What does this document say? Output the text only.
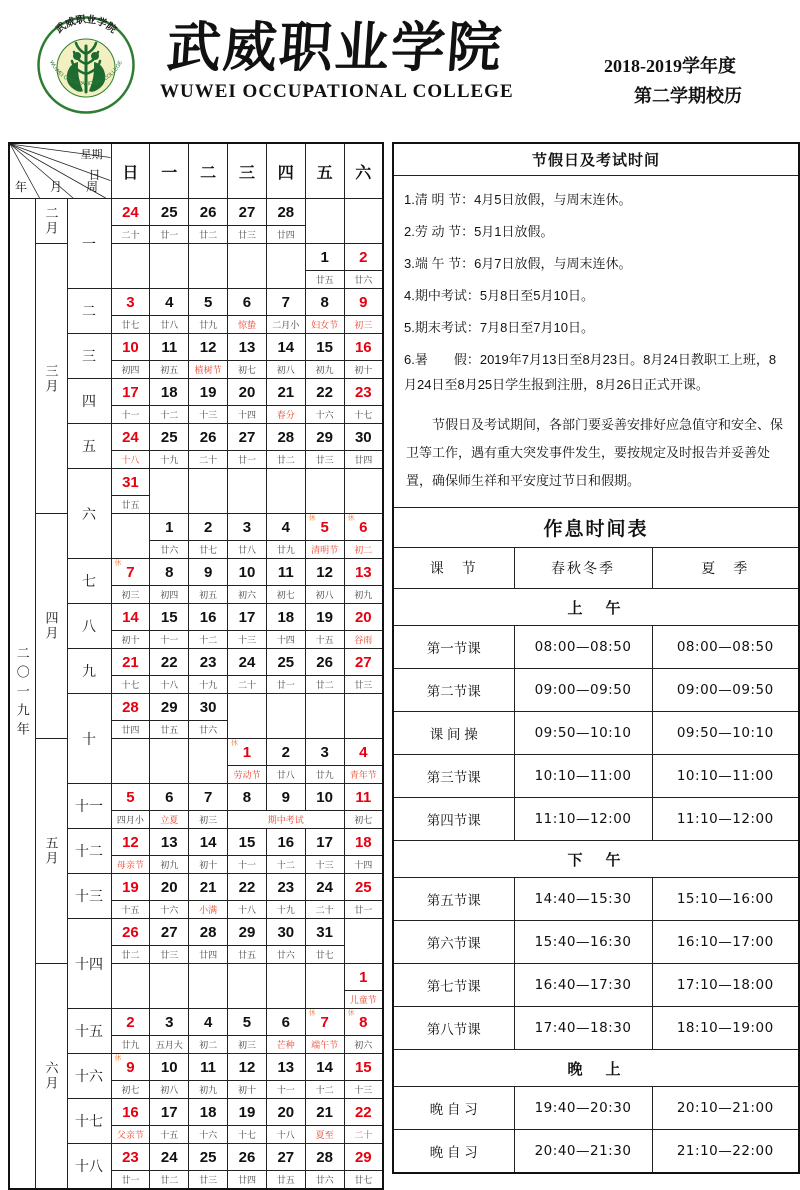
武威职业学院
WUWEI OCCUPATIONAL COLLEGE 武威职业学院
WUWEI OCCUPATIONAL COLLEGE
2018-2019学年度
第二学期校历
星期
日
年 月 周			日	一	二	三	四	五	六

二〇一九年	二月	一	24	25	26	27	28		
			二十	廿一	廿二	廿三	廿四		

	三月							1	2
								廿五	廿六
		二	3	4	5	6	7	8	9
			廿七	廿八	廿九	惊蛰	二月小	妇女节	初三
		三	10	11	12	13	14	15	16
			初四	初五	植树节	初七	初八	初九	初十
		四	17	18	19	20	21	22	23
			十一	十二	十三	十四	春分	十六	十七
		五	24	25	26	27	28	29	30
			十八	十九	二十	廿一	廿二	廿三	廿四
		六	31						
			廿五						

	四月			1	2	3	4	休 5	休 6
				廿六	廿七	廿八	廿九	清明节	初二
		七	休 7	8	9	10	11	12	13
			初三	初四	初五	初六	初七	初八	初九
		八	14	15	16	17	18	19	20
			初十	十一	十二	十三	十四	十五	谷雨
		九	21	22	23	24	25	26	27
			十七	十八	十九	二十	廿一	廿二	廿三
		十	28	29	30				
			廿四	廿五	廿六				

	五月					休 1	2	3	4
						劳动节	廿八	廿九	青年节
		十一	5	6	7	8	9	10	11
			四月小	立夏	初三	期中考试			初七
		十二	12	13	14	15	16	17	18
			母亲节	初九	初十	十一	十二	十三	十四
		十三	19	20	21	22	23	24	25
			十五	十六	小满	十八	十九	二十	廿一
		十四	26	27	28	29	30	31	
			廿二	廿三	廿四	廿五	廿六	廿七	

	六月								1
									儿童节
		十五	2	3	4	5	6	休 7	休 8
			廿九	五月大	初二	初三	芒种	端午节	初六
		十六	休 9	10	11	12	13	14	15
			初七	初八	初九	初十	十一	十二	十三
		十七	16	17	18	19	20	21	22
			父亲节	十五	十六	十七	十八	夏至	二十
		十八	23	24	25	26	27	28	29
			廿一	廿二	廿三	廿四	廿五	廿六	廿七
节假日及考试时间

1.清 明 节：4月5日放假，与周末连休。

2.劳 动 节：5月1日放假。

3.端 午 节：6月7日放假，与周末连休。

4.期中考试：5月8日至5月10日。

5.期末考试：7月8日至7月10日。

6.暑　　假：2019年7月13日至8月23日。8月24日教职工上班，8月24日至8月25日学生报到注册，8月26日正式开课。

节假日及考试期间，各部门要妥善安排好应急值守和安全、保卫等工作，遇有重大突发事件发生，要按规定及时报告并妥善处置，确保师生祥和平安度过节日和假期。

作息时间表
课　节	春秋冬季	夏　季
上　午		
第一节课	08:00—08:50	08:00—08:50
第二节课	09:00—09:50	09:00—09:50
课 间 操	09:50—10:10	09:50—10:10
第三节课	10:10—11:00	10:10—11:00
第四节课	11:10—12:00	11:10—12:00
下　午		
第五节课	14:40—15:30	15:10—16:00
第六节课	15:40—16:30	16:10—17:00
第七节课	16:40—17:30	17:10—18:00
第八节课	17:40—18:30	18:10—19:00
晚　上		
晚 自 习	19:40—20:30	20:10—21:00
晚 自 习	20:40—21:30	21:10—22:00
